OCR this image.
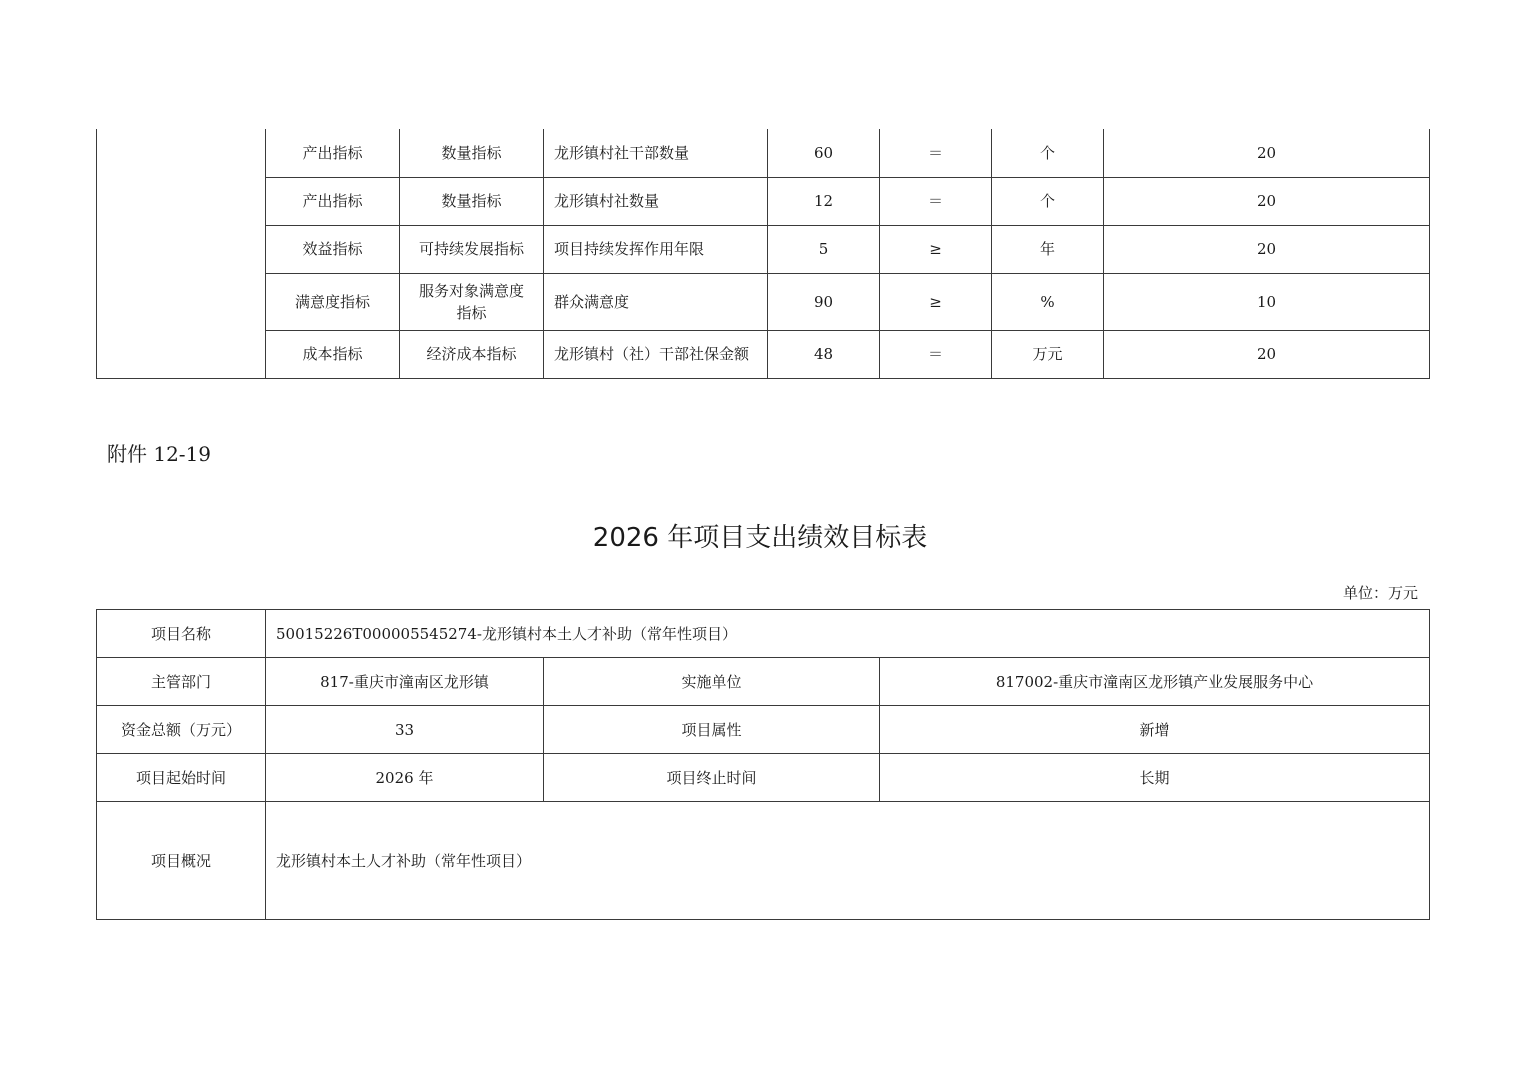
	产出指标	数量指标	龙形镇村社干部数量	60	＝	个	20
	产出指标	数量指标	龙形镇村社数量	12	＝	个	20
	效益指标	可持续发展指标	项目持续发挥作用年限	5	≥	年	20
	满意度指标	服务对象满意度指标	群众满意度	90	≥	%	10
	成本指标	经济成本指标	龙形镇村（社）干部社保金额	48	＝	万元	20
附件 12-19
2026 年项目支出绩效目标表
单位：万元
项目名称	50015226T000005545274-龙形镇村本土人才补助（常年性项目）		
主管部门	817-重庆市潼南区龙形镇	实施单位	817002-重庆市潼南区龙形镇产业发展服务中心
资金总额（万元）	33	项目属性	新增
项目起始时间	2026 年	项目终止时间	长期
项目概况	龙形镇村本土人才补助（常年性项目）		
